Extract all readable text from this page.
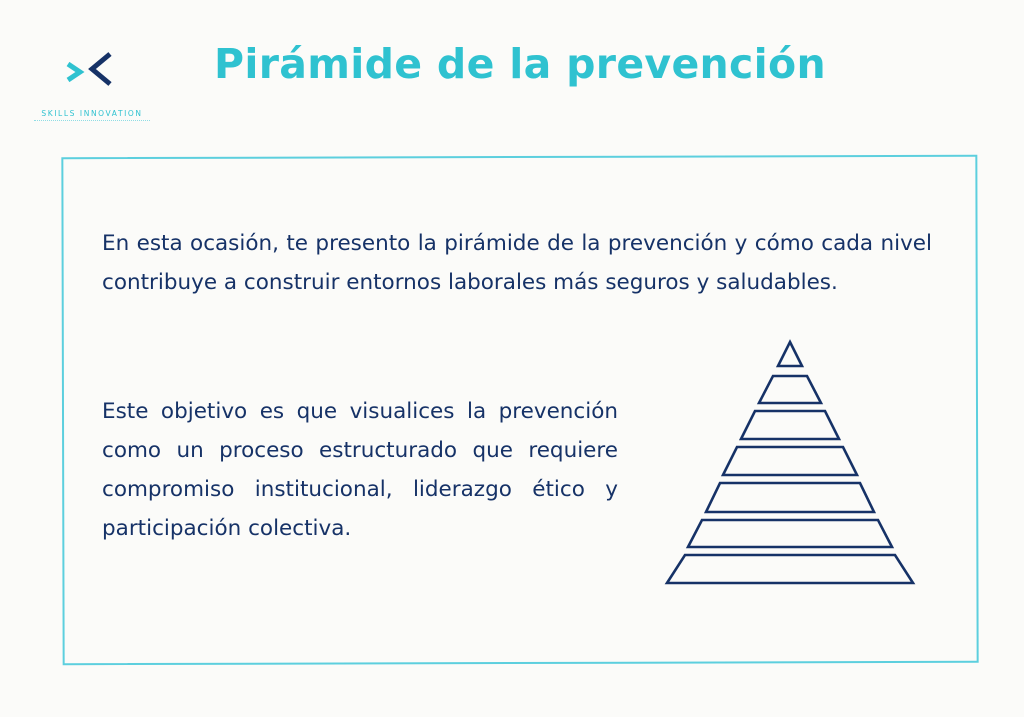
SKILLS INNOVATION
Pirámide de la prevención

En esta ocasión, te presento la pirámide de la prevención y cómo cada nivel contribuye a construir entornos laborales más seguros y saludables.

Este objetivo es que visualices la prevención como un proceso estructurado que requiere compromiso institucional, liderazgo ético y participación colectiva.
